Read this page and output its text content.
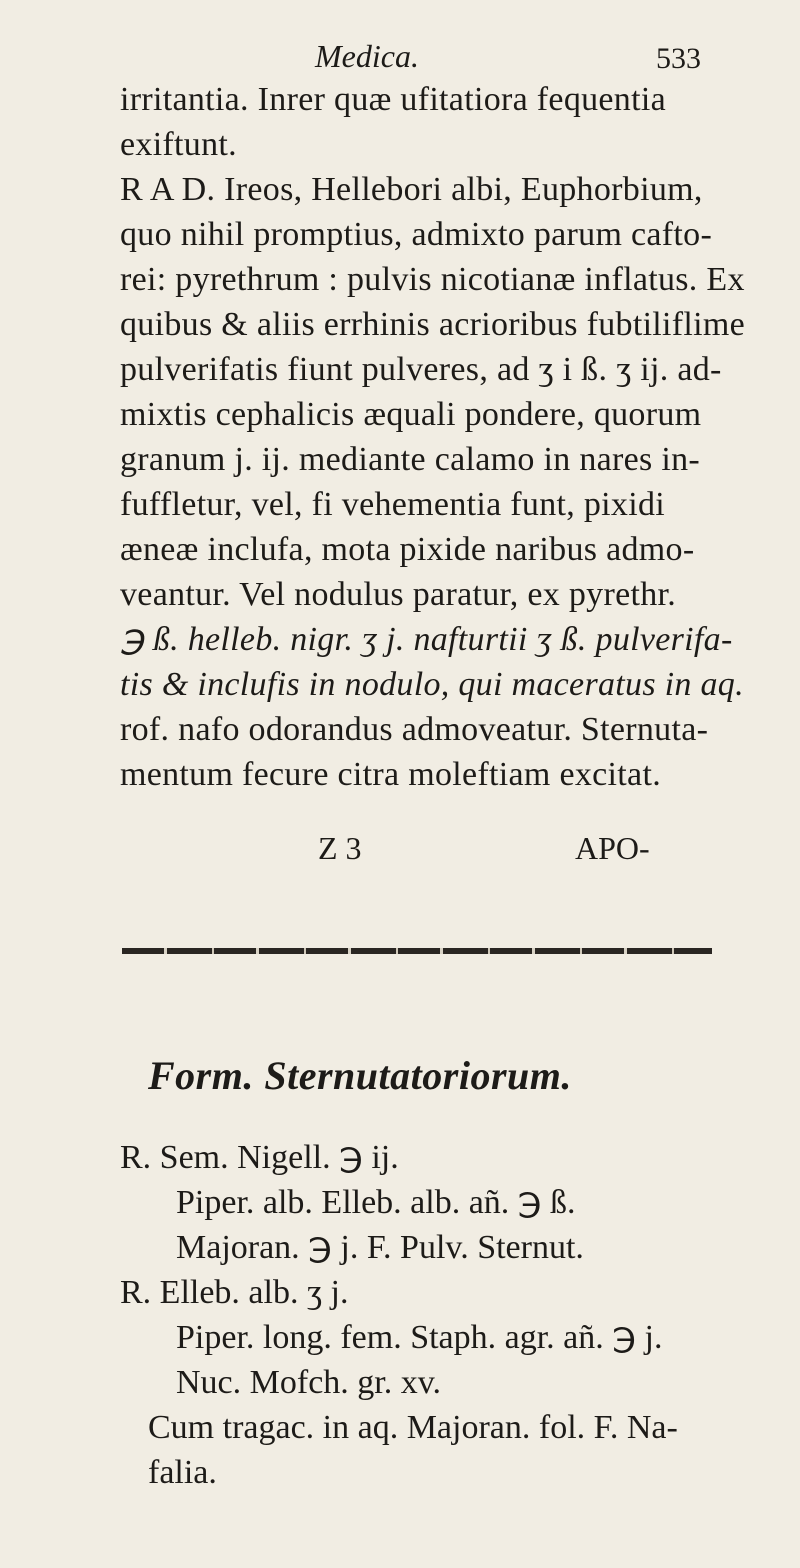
Medica.	533
irritantia. Inrer quæ ufitatiora fequentia
exiftunt.
R A D. Ireos, Hellebori albi, Euphorbium,
quo nihil promptius, admixto parum cafto-
rei: pyrethrum : pulvis nicotianæ inflatus. Ex
quibus & aliis errhinis acrioribus fubtiliflime
pulverifatis fiunt pulveres, ad ʒ i ß. ʒ ij. ad-
mixtis cephalicis æquali pondere, quorum
granum j. ij. mediante calamo in nares in-
fuffletur, vel, fi vehementia funt, pixidi
æneæ inclufa, mota pixide naribus admo-
veantur. Vel nodulus paratur, ex pyrethr.
℈ ß. helleb. nigr. ʒ j. nafturtii ʒ ß. pulverifa-
tis & inclufis in nodulo, qui maceratus in aq.
rof. nafo odorandus admoveatur. Sternuta-
mentum fecure citra moleftiam excitat.
Z 3	APO-
Form. Sternutatoriorum.
R. Sem. Nigell. ℈ ij.
Piper. alb. Elleb. alb. añ. ℈ ß.
Majoran. ℈ j. F. Pulv. Sternut.
R. Elleb. alb. ʒ j.
Piper. long. fem. Staph. agr. añ. ℈ j.
Nuc. Mofch. gr. xv.
Cum tragac. in aq. Majoran. fol. F. Na-
falia.
